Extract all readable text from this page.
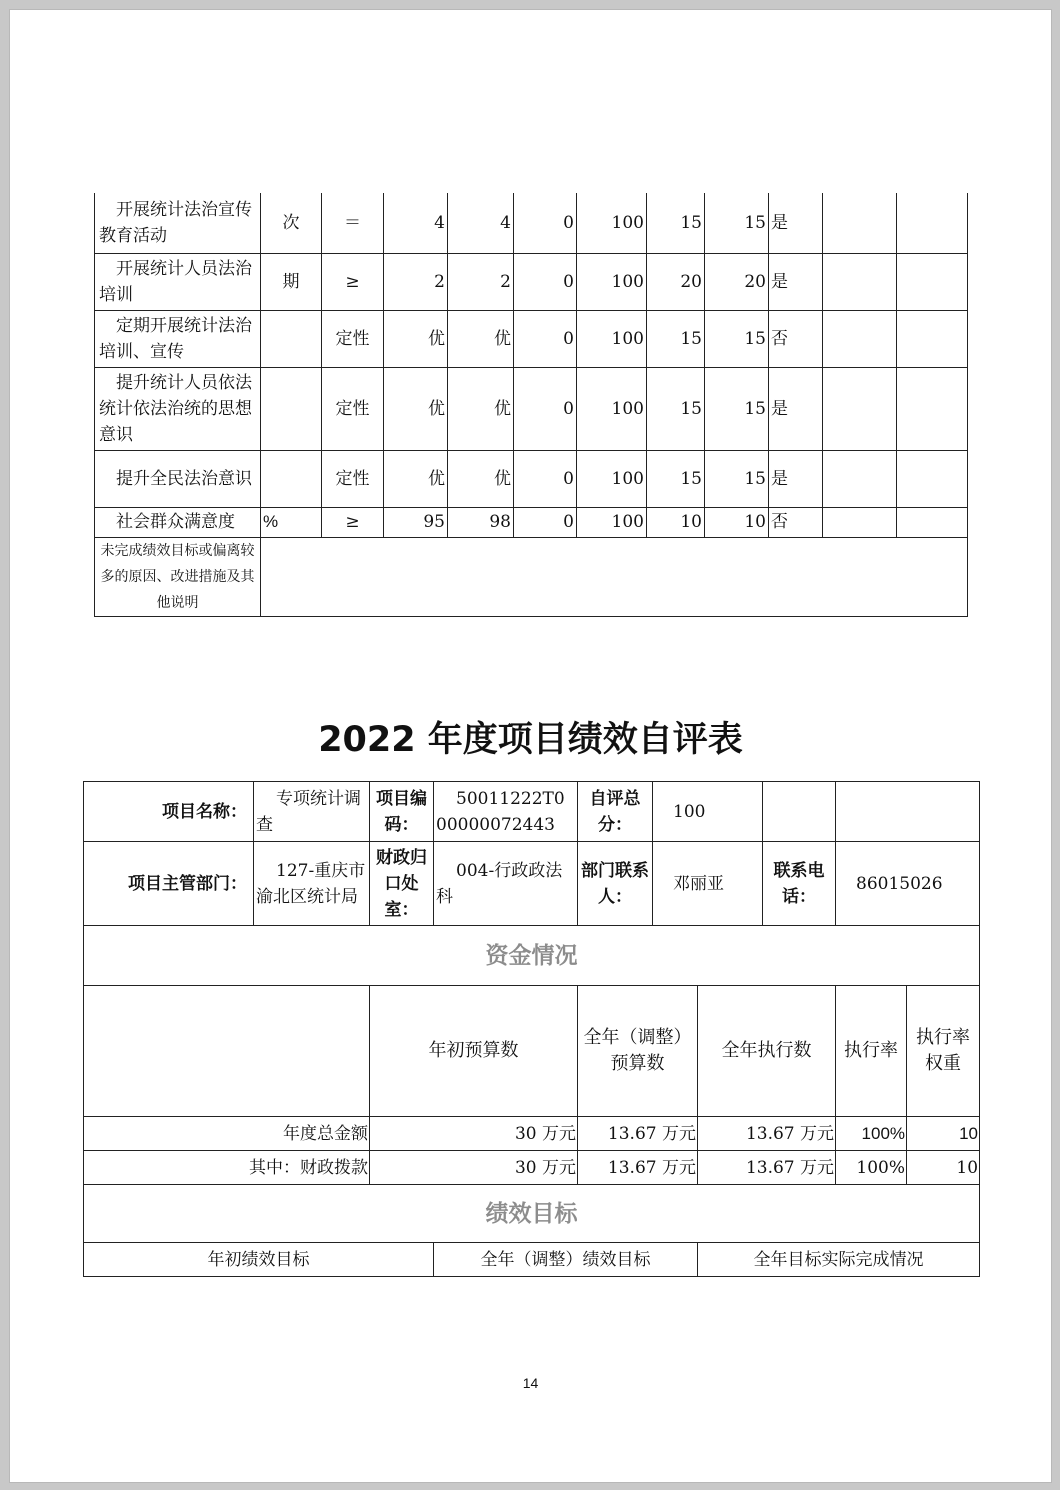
开展统计法治宣传教育活动	次	＝	4	4	0	100	15	15	是		
开展统计人员法治培训	期	≥	2	2	0	100	20	20	是		
定期开展统计法治培训、宣传		定性	优	优	0	100	15	15	否		
提升统计人员依法统计依法治统的思想意识		定性	优	优	0	100	15	15	是		
提升全民法治意识		定性	优	优	0	100	15	15	是		
社会群众满意度	%	≥	95	98	0	100	10	10	否		
未完成绩效目标或偏离较多的原因、改进措施及其他说明											
2022 年度项目绩效自评表
项目名称：	专项统计调查	项目编码：	50011222T000000072443	自评总分：	100					
项目主管部门：	127-重庆市渝北区统计局	财政归口处室：	004-行政政法科	部门联系人：	邓丽亚		联系电话：	86015026		
资金情况										
		年初预算数		全年（调整）预算数		全年执行数		执行率	执行率权重	
年度总金额		30 万元		13.67 万元		13.67 万元		100%	10	
其中：财政拨款		30 万元		13.67 万元		13.67 万元		100%	10	
绩效目标										
年初绩效目标			全年（调整）绩效目标			全年目标实际完成情况				
14
